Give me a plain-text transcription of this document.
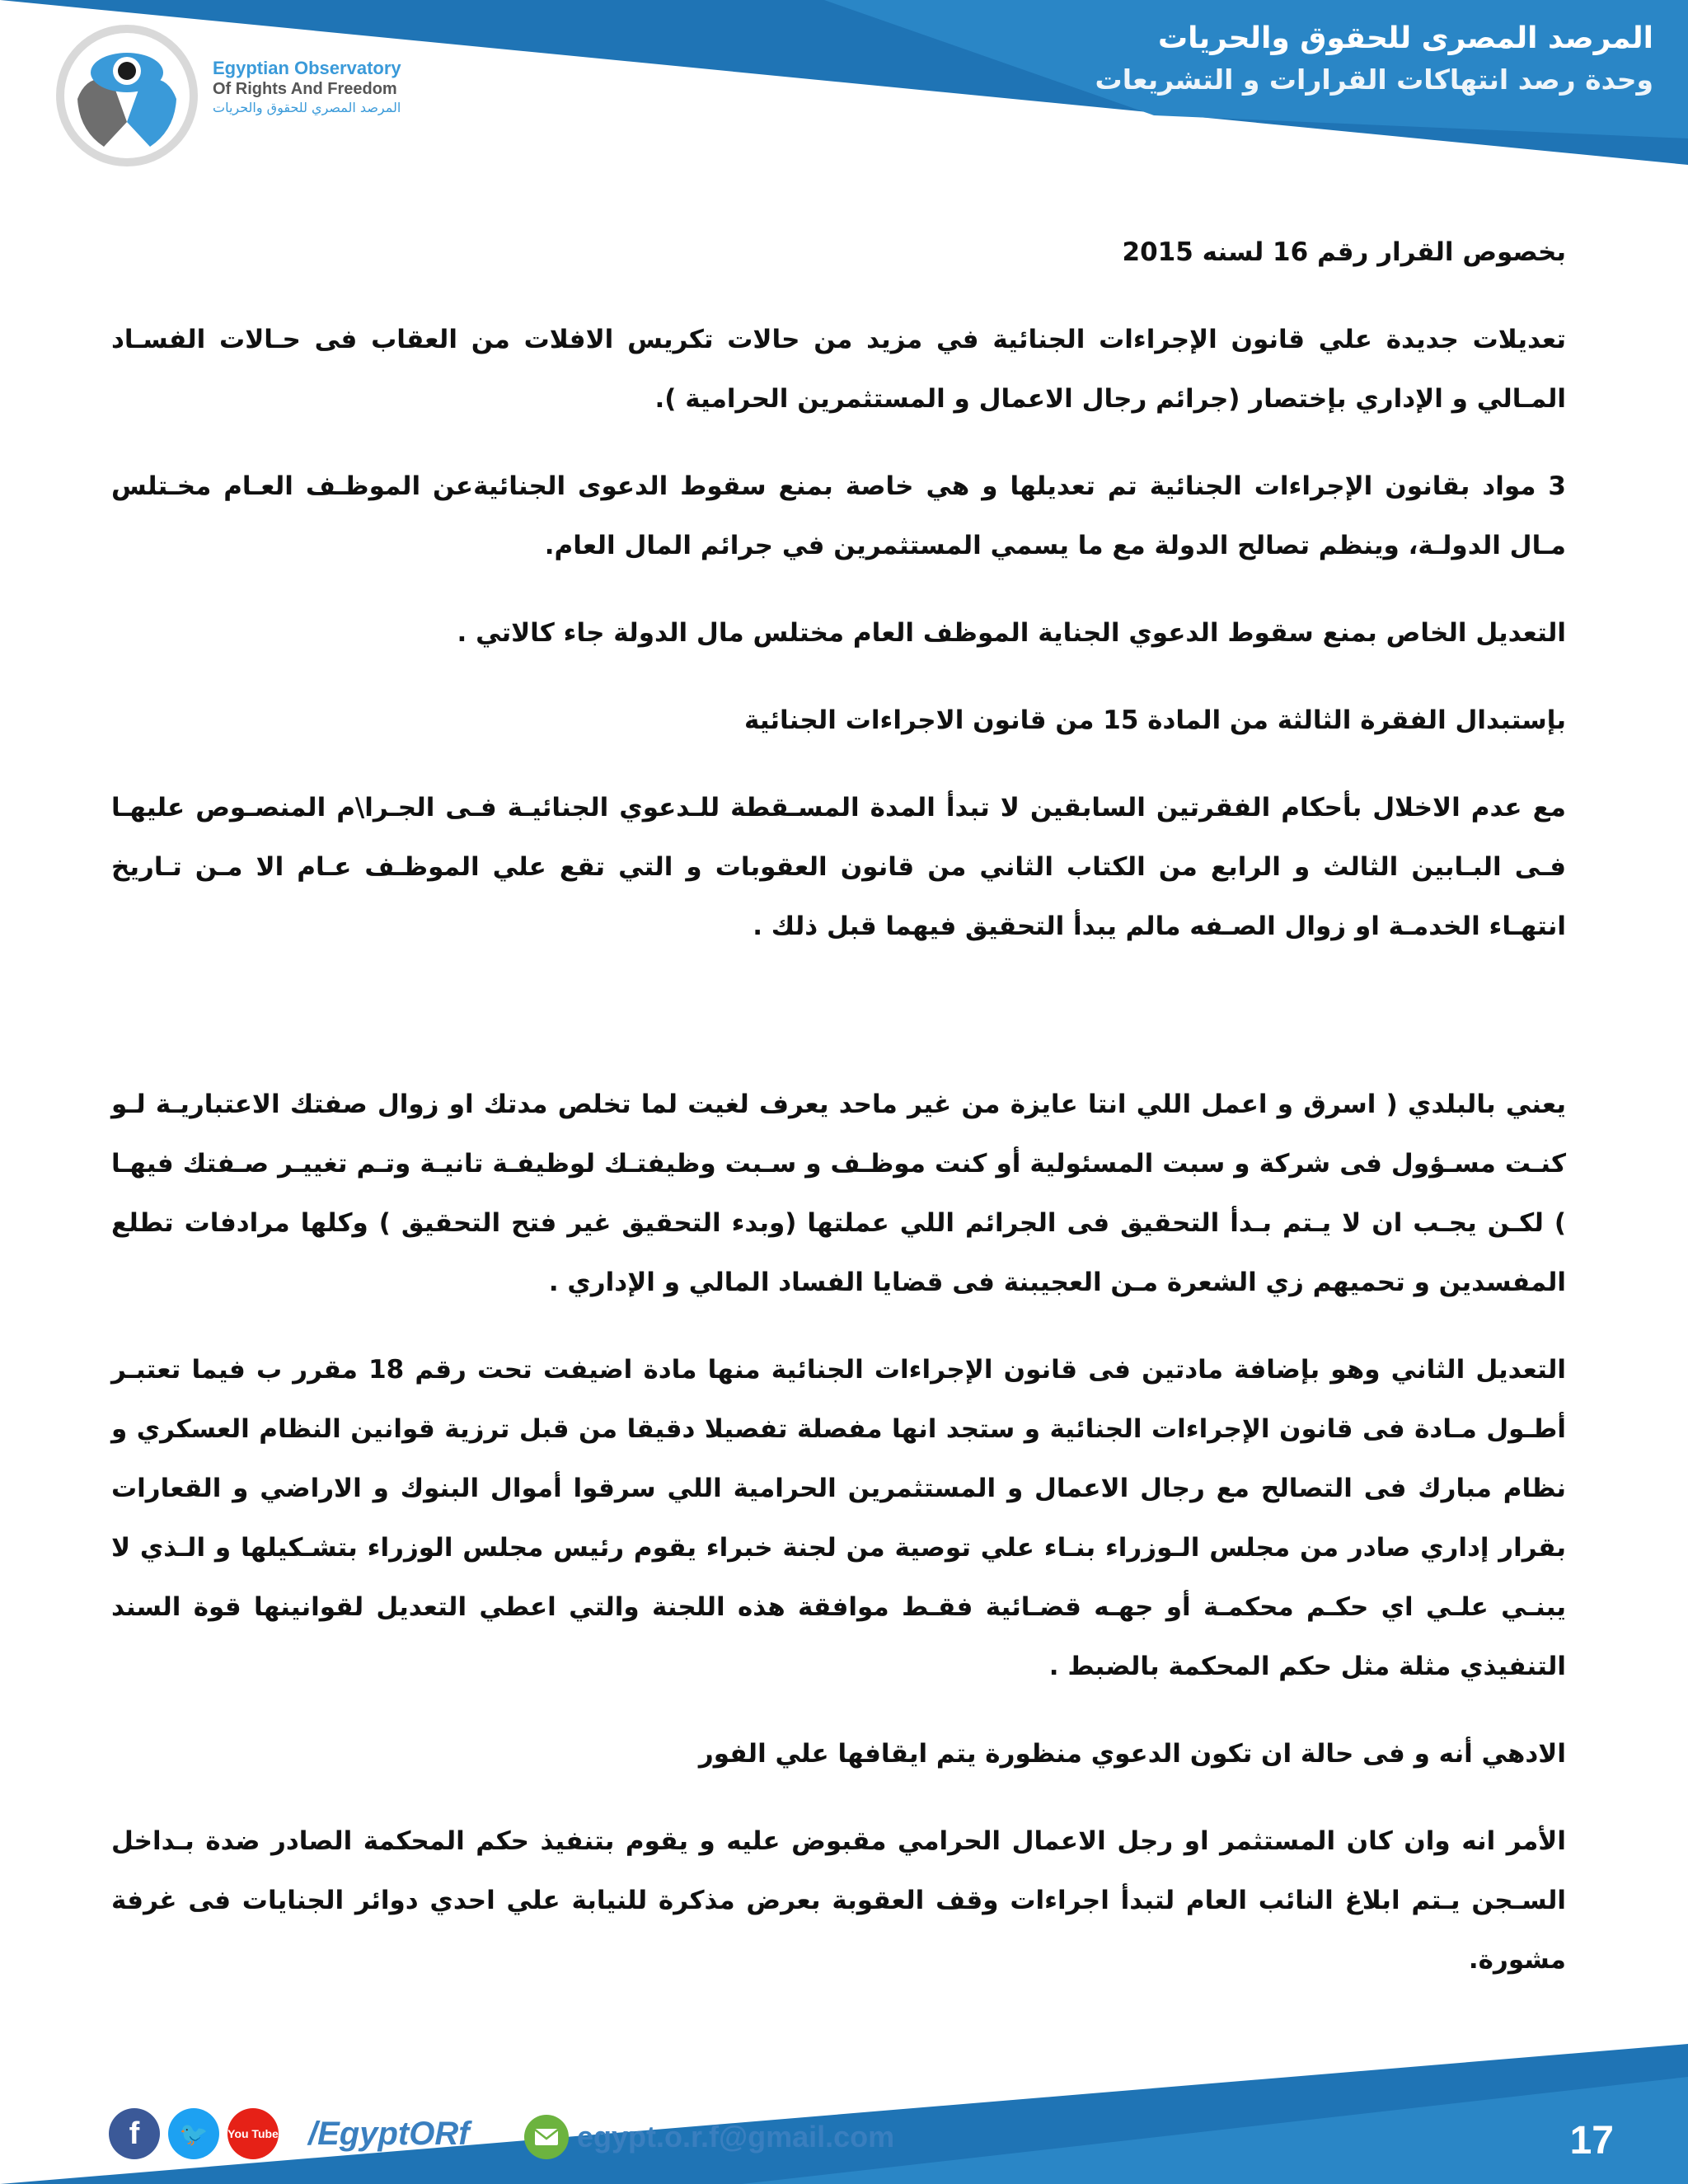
المرصد المصرى للحقوق والحريات
وحدة رصد انتهاكات القرارات و التشريعات
Egyptian Observatory
Of Rights And Freedom
المرصد المصري للحقوق والحريات

بخصوص القرار رقم 16 لسنه 2015

تعديلات جديدة علي قانون الإجراءات الجنائية في مزيد من حالات تكريس الافلات من العقاب فى حـالات الفسـاد المـالي و الإداري بإختصار (جرائم رجال الاعمال و المستثمرين الحرامية ).

3 مواد بقانون الإجراءات الجنائية تم تعديلها و هي خاصة بمنع سقوط الدعوى الجنائيةعن الموظـف العـام مخـتلس مـال الدولـة، وينظم تصالح الدولة مع ما يسمي المستثمرين في جرائم المال العام.

التعديل الخاص بمنع سقوط الدعوي الجناية الموظف العام مختلس مال الدولة جاء كالاتي .

بإستبدال الفقرة الثالثة من المادة 15 من قانون الاجراءات الجنائية

مع عدم الاخلال بأحكام الفقرتين السابقين لا تبدأ المدة المسـقطة للـدعوي الجنائيـة فـى الجـرا\م المنصـوص عليهـا فـى البـابين الثالث و الرابع من الكتاب الثاني من قانون العقوبات و التي تقع علي الموظـف عـام الا مـن تـاريخ انتهـاء الخدمـة او زوال الصـفه مالم يبدأ التحقيق فيهما قبل ذلك .

يعني بالبلدي ( اسرق و اعمل اللي انتا عايزة من غير ماحد يعرف لغيت لما تخلص مدتك او زوال صفتك الاعتباريـة لـو كنـت مسـؤول فى شركة و سبت المسئولية أو كنت موظـف و سـبت وظيفتـك لوظيفـة تانيـة وتـم تغييـر صـفتك فيهـا ) لكـن يجـب ان لا يـتم بـدأ التحقيق فى الجرائم اللي عملتها (وبدء التحقيق غير فتح التحقيق ) وكلها مرادفات تطلع المفسدين و تحميهم زي الشعرة مـن العجيبنة فى قضايا الفساد المالي و الإداري .

التعديل الثاني وهو بإضافة مادتين فى قانون الإجراءات الجنائية منها مادة اضيفت تحت رقم 18 مقرر ب فيما تعتبـر أطـول مـادة فى قانون الإجراءات الجنائية و ستجد انها مفصلة تفصيلا دقيقا من قبل ترزية قوانين النظام العسكري و نظام مبارك فى التصالح مع رجال الاعمال و المستثمرين الحرامية اللي سرقوا أموال البنوك و الاراضي و القعارات بقرار إداري صادر من مجلس الـوزراء بنـاء علي توصية من لجنة خبراء يقوم رئيس مجلس الوزراء بتشـكيلها و الـذي لا يبنـي علـي اي حكـم محكمـة أو جهـه قضـائية فقـط موافقة هذه اللجنة والتي اعطي التعديل لقوانينها قوة السند التنفيذي مثلة مثل حكم المحكمة بالضبط .

الادهي أنه و فى حالة ان تكون الدعوي منظورة يتم ايقافها علي الفور

الأمر انه وان كان المستثمر او رجل الاعمال الحرامي مقبوض عليه و يقوم بتنفيذ حكم المحكمة الصادر ضدة بـداخل السـجن يـتم ابلاغ النائب العام لتبدأ اجراءات وقف العقوبة بعرض مذكرة للنيابة علي احدي دوائر الجنايات فى غرفة مشورة.

f 🐦 You Tube /EgyptORf	egypt.o.r.f@gmail.com	17
